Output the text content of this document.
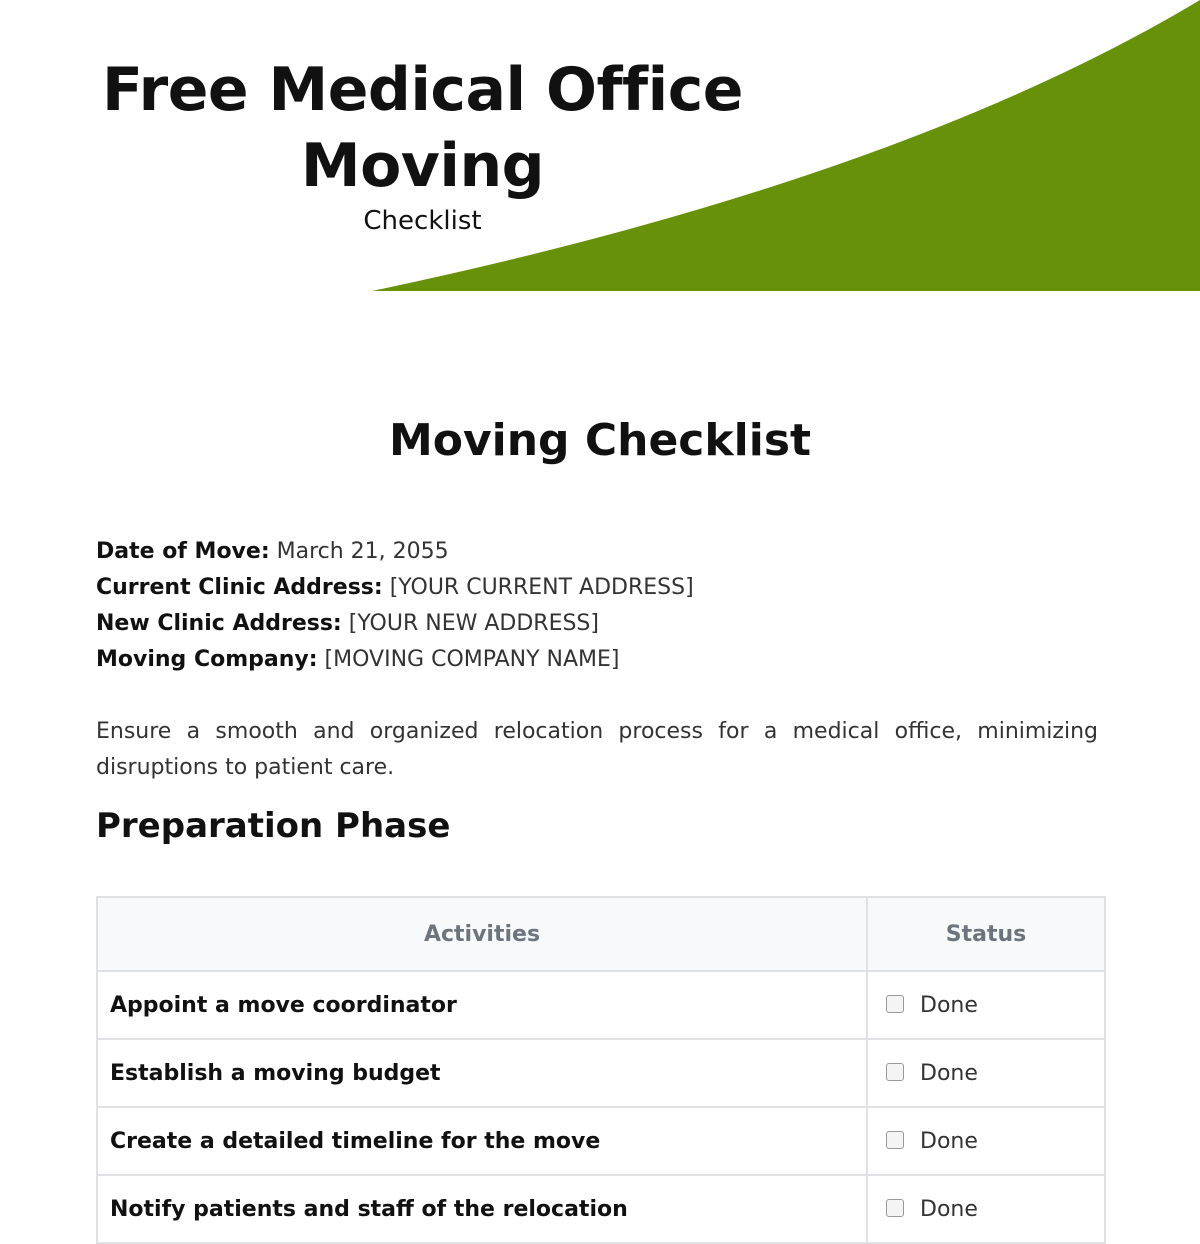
Free Medical Office Moving
Checklist
Moving Checklist
Date of Move: March 21, 2055
Current Clinic Address: [YOUR CURRENT ADDRESS]
New Clinic Address: [YOUR NEW ADDRESS]
Moving Company: [MOVING COMPANY NAME]

Ensure a smooth and organized relocation process for a medical office, minimizing disruptions to patient care.

Preparation Phase
Activities	Status
Appoint a move coordinator	Done
Establish a moving budget	Done
Create a detailed timeline for the move	Done
Notify patients and staff of the relocation	Done
